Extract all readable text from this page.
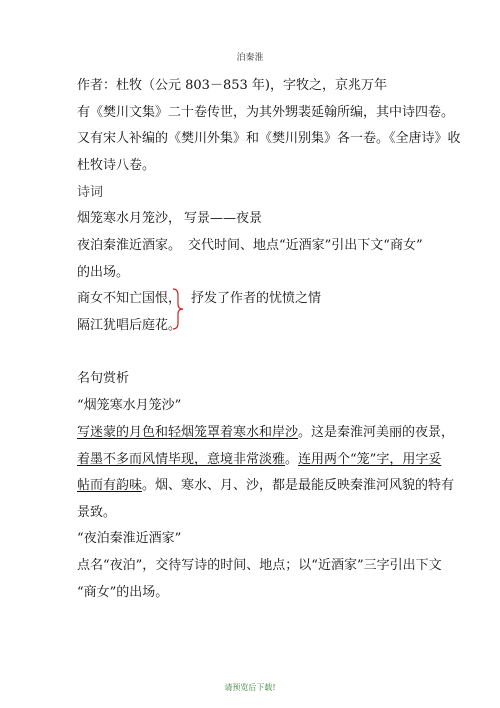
泊秦淮
作者：杜牧（公元 803－853 年)，字牧之，京兆万年
有《樊川文集》二十卷传世，为其外甥裴延翰所编，其中诗四卷。
又有宋人补编的《樊川外集》和《樊川别集》各一卷。《全唐诗》收
杜牧诗八卷。
诗词
烟笼寒水月笼沙， 写景——夜景
夜泊秦淮近酒家。 交代时间、地点“近酒家”引出下文“商女”
的出场。
商女不知亡国恨，
隔江犹唱后庭花。
抒发了作者的忧愤之情
名句赏析
“烟笼寒水月笼沙”
写迷蒙的月色和轻烟笼罩着寒水和岸沙。这是秦淮河美丽的夜景，
着墨不多而风情毕现，意境非常淡雅。连用两个“笼”字，用字妥
帖而有韵味。烟、寒水、月、沙，都是最能反映秦淮河风貌的特有
景致。
“夜泊秦淮近酒家”
点名“夜泊”，交待写诗的时间、地点；以“近酒家”三字引出下文
“商女”的出场。
请预览后下载!
